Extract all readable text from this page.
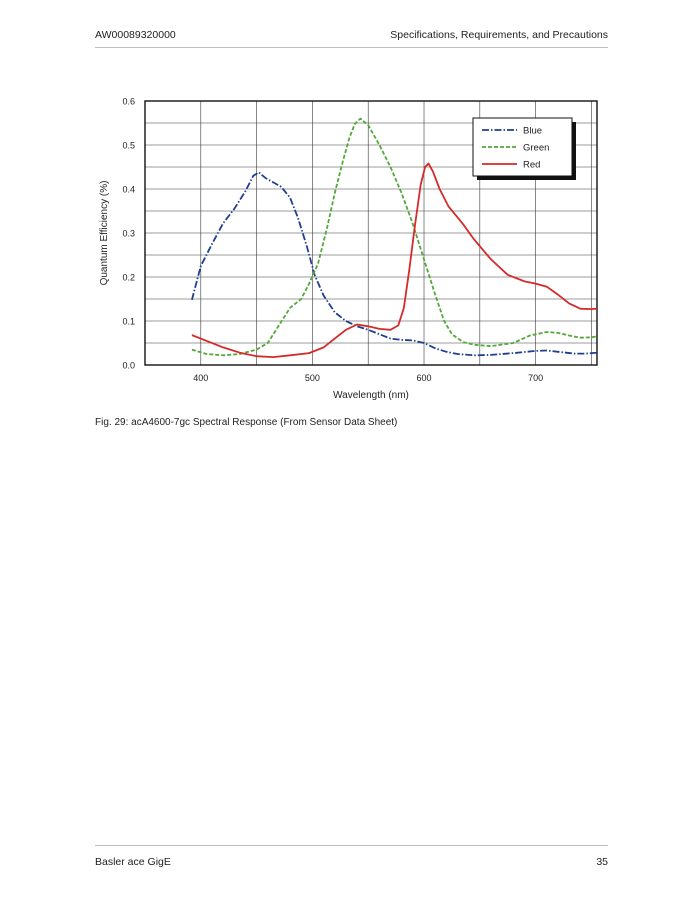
AW00089320000	Specifications, Requirements, and Precautions
0.0
0.1
0.2
0.3
0.4
0.5
0.6
400	500	600	700
Wavelength (nm)
Quantum Efficiency (%)
Blue
Green
Red
Fig. 29: acA4600-7gc Spectral Response (From Sensor Data Sheet)
Basler ace GigE	35
